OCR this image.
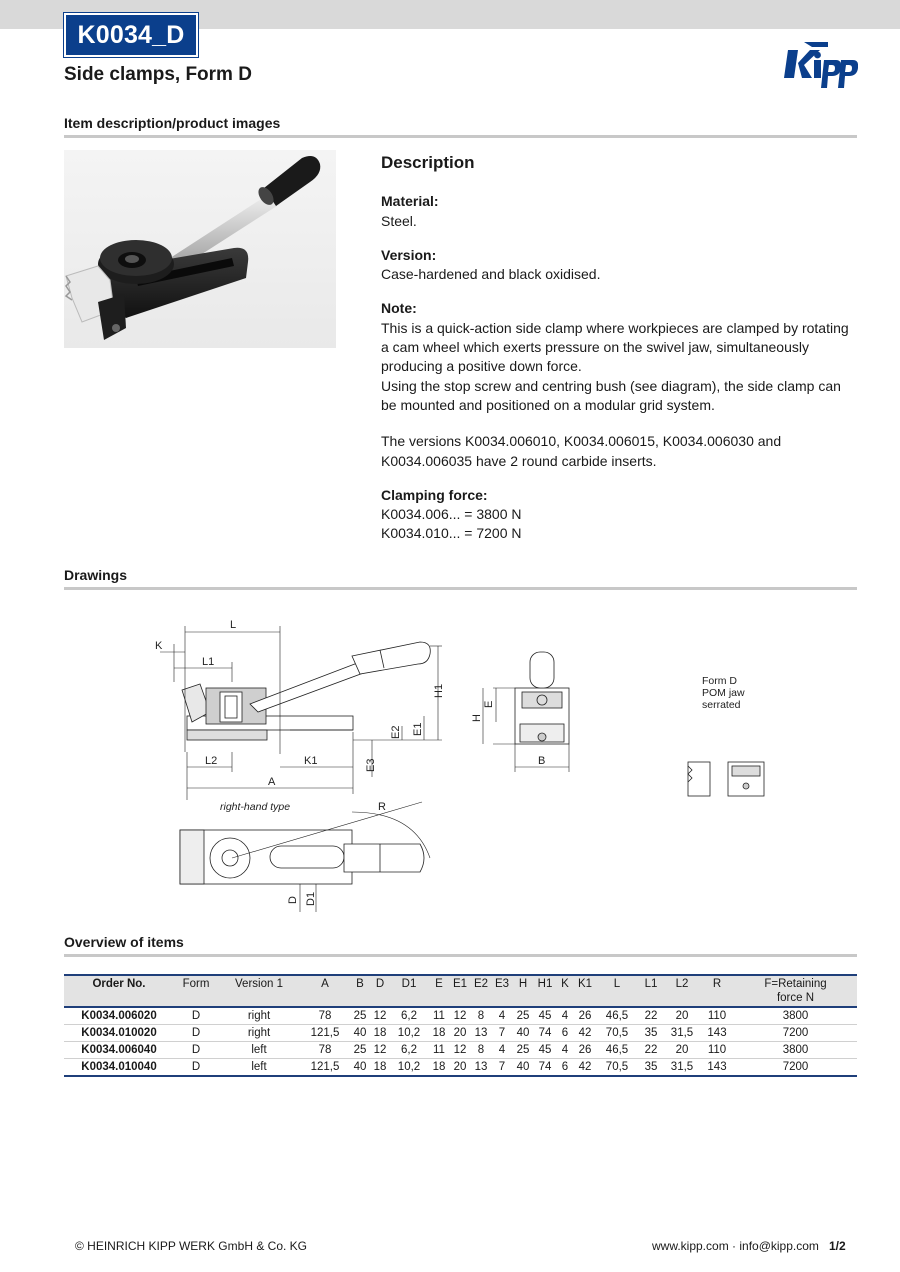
K0034_D
Side clamps, Form D
Item description/product images
Description
Material:
Steel.
Version:
Case-hardened and black oxidised.
Note:
This is a quick-action side clamp where workpieces are clamped by rotating a cam wheel which exerts pressure on the swivel jaw, simultaneously producing a positive down force.
Using the stop screw and centring bush (see diagram), the side clamp can be mounted and positioned on a modular grid system.
The versions K0034.006010, K0034.006015, K0034.006030 and K0034.006035 have 2 round carbide inserts.
Clamping force:
K0034.006... = 3800 N
K0034.010... = 7200 N
Drawings
L
K
L1
L2	K1
A
H1
E1
E2
E3
H
E
B
Form D
POM jaw
serrated
right-hand type	R
D D1
Overview of items
Order No.	Form	Version 1	A	B	D	D1	E	E1	E2	E3	H	H1	K	K1	L	L1	L2	R	F=Retaining
force N
K0034.006020	D	right	78	25	12	6,2	11	12	8	4	25	45	4	26	46,5	22	20	110	3800
K0034.010020	D	right	121,5	40	18	10,2	18	20	13	7	40	74	6	42	70,5	35	31,5	143	7200
K0034.006040	D	left	78	25	12	6,2	11	12	8	4	25	45	4	26	46,5	22	20	110	3800
K0034.010040	D	left	121,5	40	18	10,2	18	20	13	7	40	74	6	42	70,5	35	31,5	143	7200
© HEINRICH KIPP WERK GmbH & Co. KG	www.kipp.com · info@kipp.com 1/2
